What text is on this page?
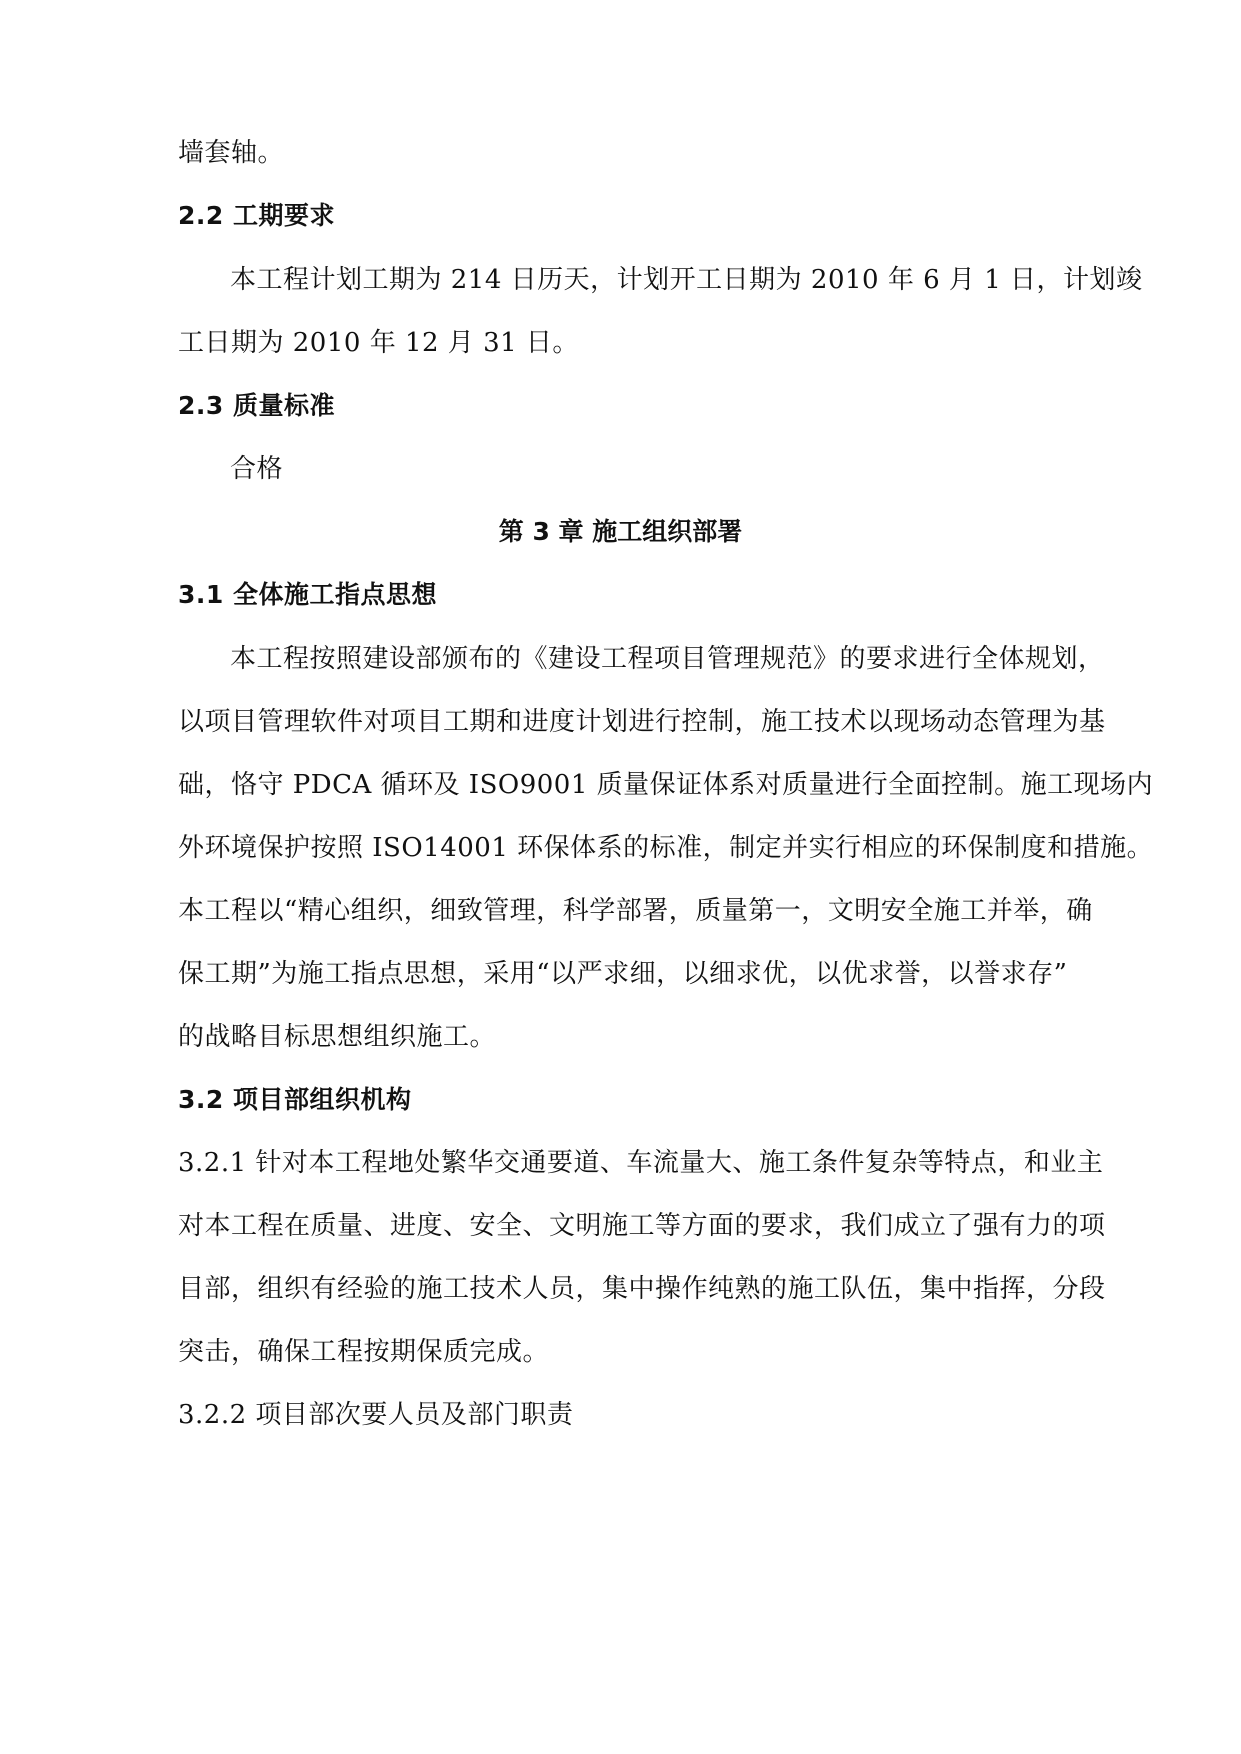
墙套轴。
2.2 工期要求
本工程计划工期为 214 日历天，计划开工日期为 2010 年 6 月 1 日，计划竣
工日期为 2010 年 12 月 31 日。
2.3 质量标准
合格
第 3 章 施工组织部署
3.1 全体施工指点思想
本工程按照建设部颁布的《建设工程项目管理规范》的要求进行全体规划，
以项目管理软件对项目工期和进度计划进行控制，施工技术以现场动态管理为基
础，恪守 PDCA 循环及 ISO9001 质量保证体系对质量进行全面控制。施工现场内
外环境保护按照 ISO14001 环保体系的标准，制定并实行相应的环保制度和措施。
本工程以“精心组织，细致管理，科学部署，质量第一，文明安全施工并举，确
保工期”为施工指点思想，采用“以严求细，以细求优，以优求誉，以誉求存”
的战略目标思想组织施工。
3.2 项目部组织机构
3.2.1 针对本工程地处繁华交通要道、车流量大、施工条件复杂等特点，和业主
对本工程在质量、进度、安全、文明施工等方面的要求，我们成立了强有力的项
目部，组织有经验的施工技术人员，集中操作纯熟的施工队伍，集中指挥，分段
突击，确保工程按期保质完成。
3.2.2 项目部次要人员及部门职责
